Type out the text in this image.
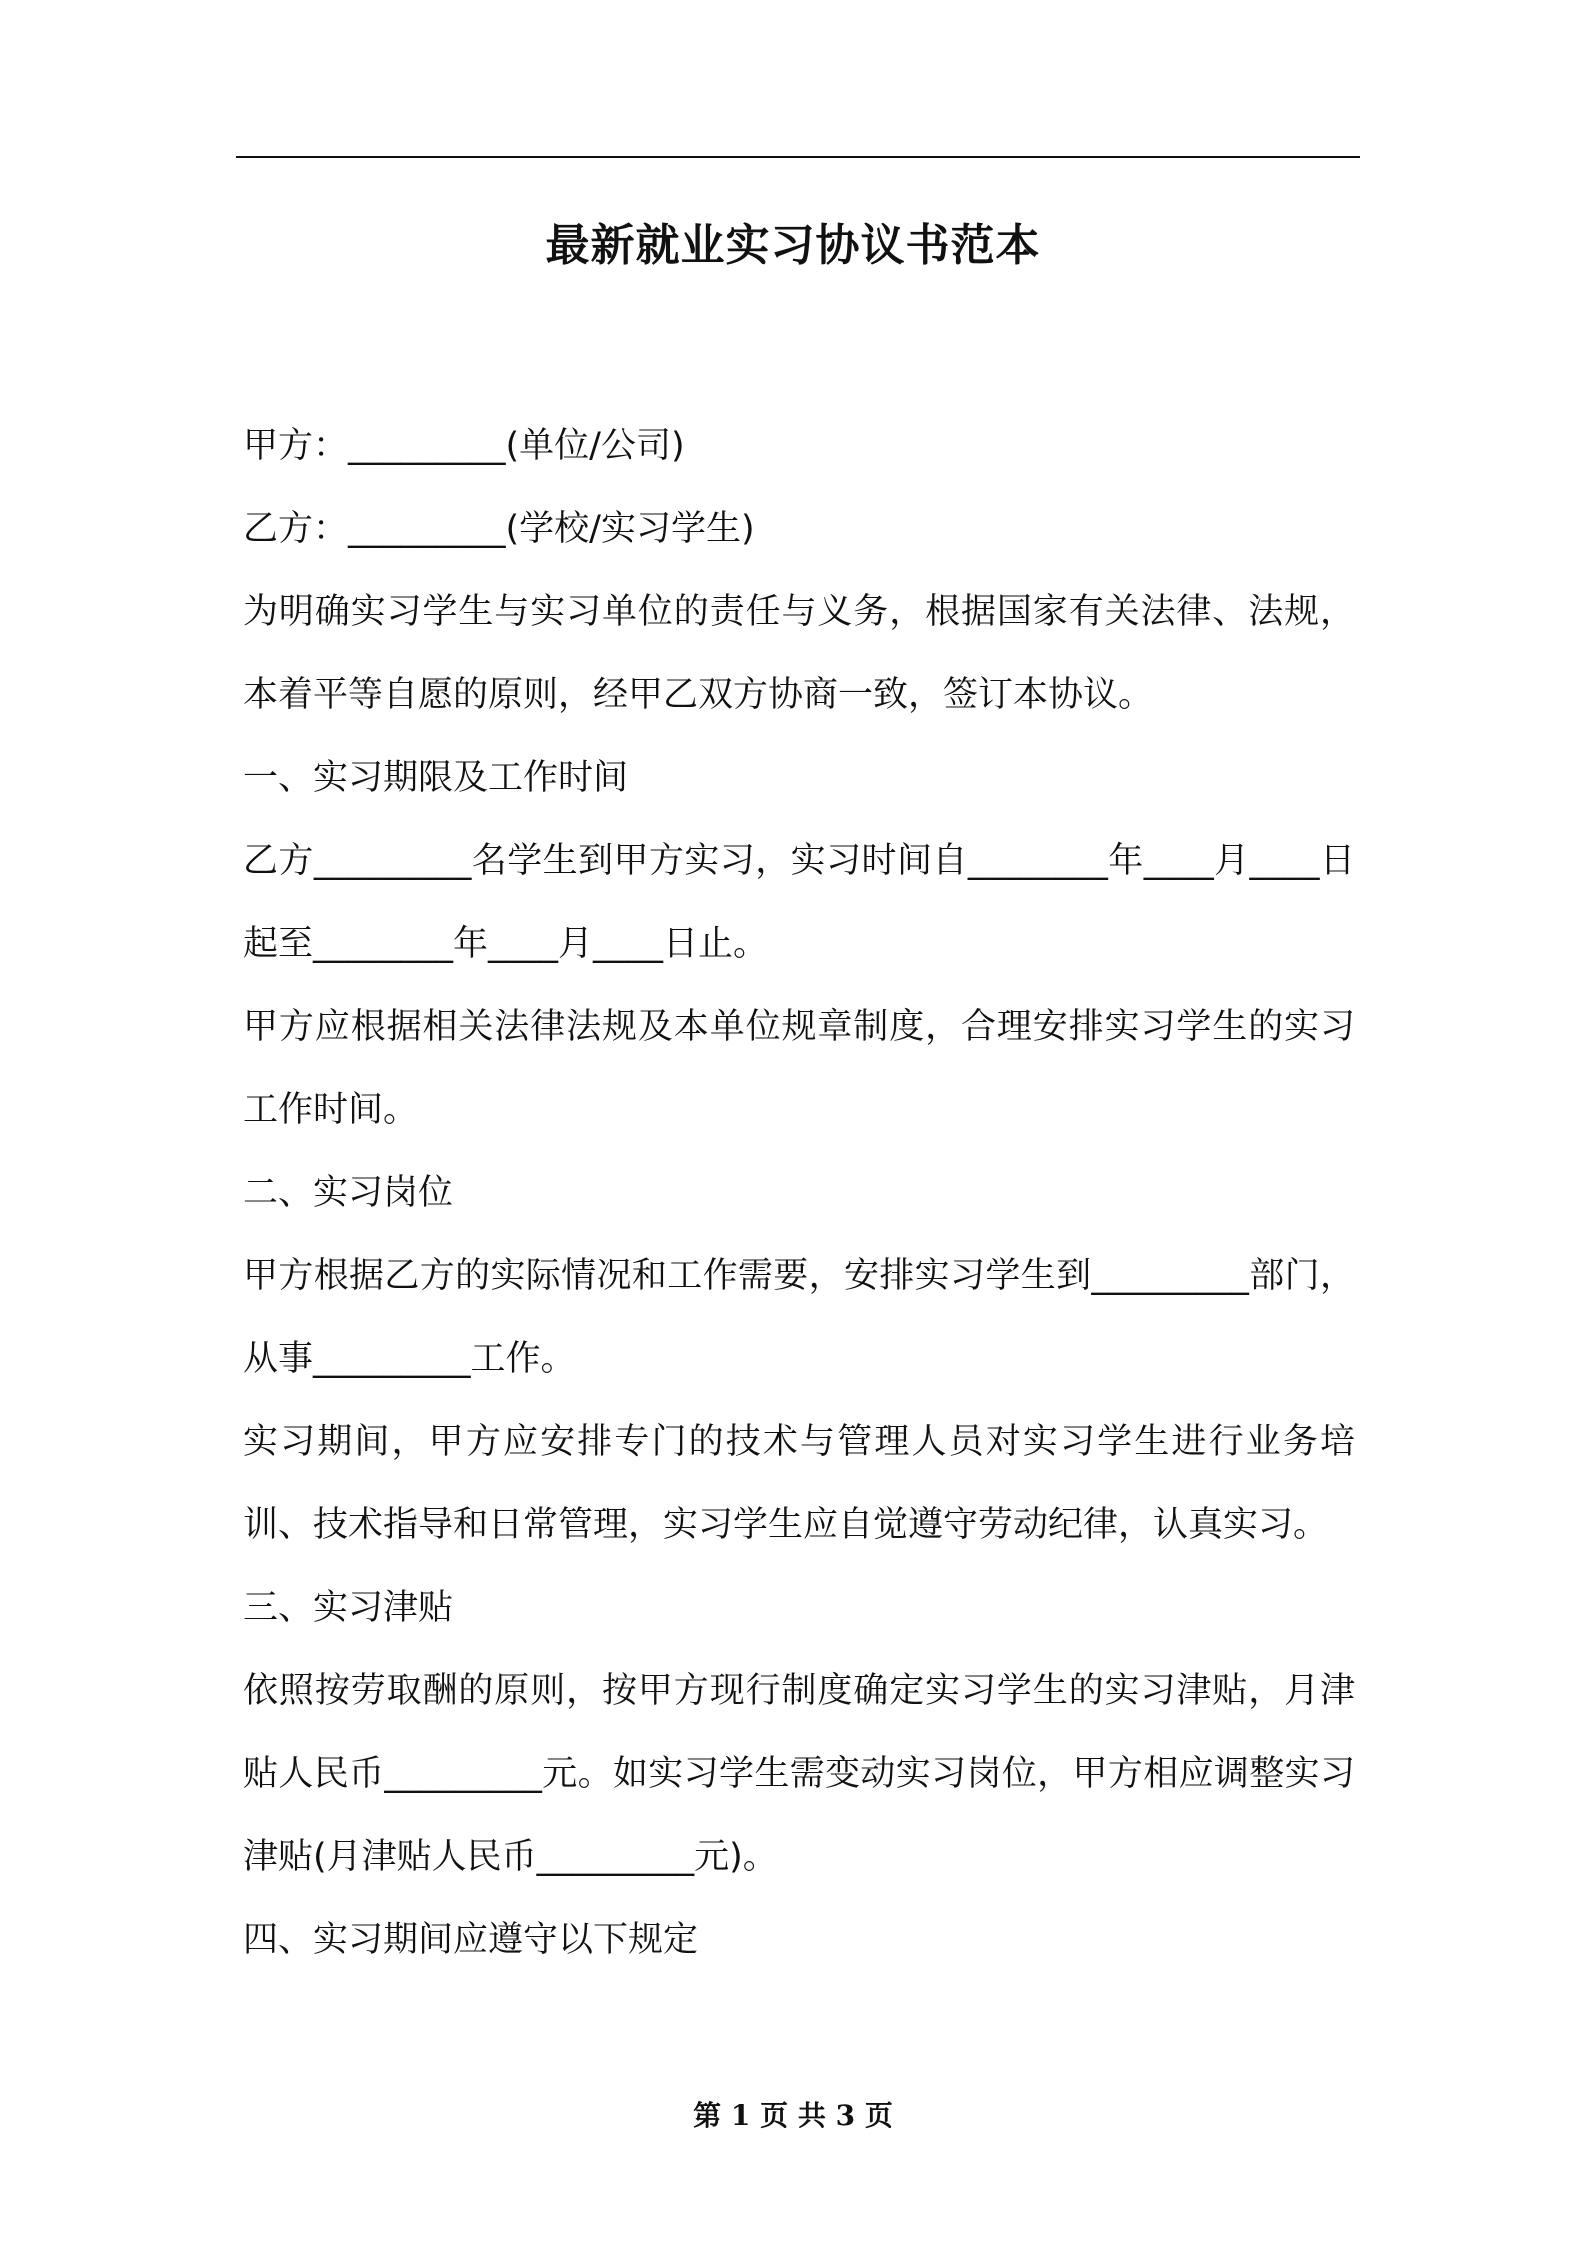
最新就业实习协议书范本

甲方：_________(单位/公司)

乙方：_________(学校/实习学生)

为明确实习学生与实习单位的责任与义务，根据国家有关法律、法规，本着平等自愿的原则，经甲乙双方协商一致，签订本协议。

一、实习期限及工作时间

乙方_________名学生到甲方实习，实习时间自________年____月____日起至________年____月____日止。

甲方应根据相关法律法规及本单位规章制度，合理安排实习学生的实习工作时间。

二、实习岗位

甲方根据乙方的实际情况和工作需要，安排实习学生到_________部门，从事_________工作。

实习期间，甲方应安排专门的技术与管理人员对实习学生进行业务培训、技术指导和日常管理，实习学生应自觉遵守劳动纪律，认真实习。

三、实习津贴

依照按劳取酬的原则，按甲方现行制度确定实习学生的实习津贴，月津贴人民币_________元。如实习学生需变动实习岗位，甲方相应调整实习津贴(月津贴人民币_________元)。

四、实习期间应遵守以下规定

第 1 页 共 3 页
